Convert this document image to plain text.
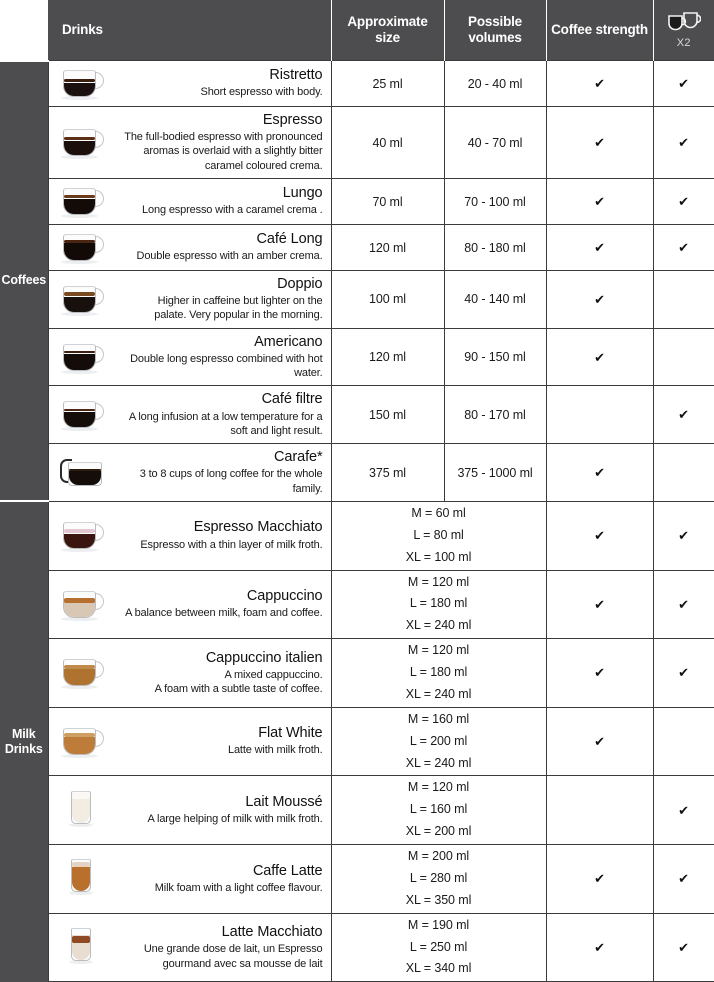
	Drinks		Approximate
size	Possible
volumes	Coffee strength	X2

Coffees		Ristretto
Short espresso with body.	25 ml	20 - 40 ml	✔	✔

		Espresso
The full-bodied espresso with pronounced aromas is overlaid with a slightly bitter caramel coloured crema.	40 ml	40 - 70 ml	✔	✔

		Lungo
Long espresso with a caramel crema .	70 ml	70 - 100 ml	✔	✔

		Café Long
Double espresso with an amber crema.	120 ml	80 - 180 ml	✔	✔

		Doppio
Higher in caffeine but lighter on the palate. Very popular in the morning.	100 ml	40 - 140 ml	✔	

		Americano
Double long espresso combined with hot water.	120 ml	90 - 150 ml	✔	

		Café filtre
A long infusion at a low temperature for a soft and light result.	150 ml	80 - 170 ml		✔

		Carafe*
3 to 8 cups of long coffee for the whole family.	375 ml	375 - 1000 ml	✔	
Milk
Drinks		Espresso Macchiato
Espresso with a thin layer of milk froth.	M = 60 ml
L = 80 ml
XL = 100 ml		✔	✔

		Cappuccino
A balance between milk, foam and coffee.	M = 120 ml
L = 180 ml
XL = 240 ml		✔	✔

		Cappuccino italien
A mixed cappuccino.
A foam with a subtle taste of coffee.	M = 120 ml
L = 180 ml
XL = 240 ml		✔	✔

		Flat White
Latte with milk froth.	M = 160 ml
L = 200 ml
XL = 240 ml		✔	

		Lait Moussé
A large helping of milk with milk froth.	M = 120 ml
L = 160 ml
XL = 200 ml			✔

		Caffe Latte
Milk foam with a light coffee flavour.	M = 200 ml
L = 280 ml
XL = 350 ml		✔	✔

		Latte Macchiato
Une grande dose de lait, un Espresso
gourmand avec sa mousse de lait	M = 190 ml
L = 250 ml
XL = 340 ml		✔	✔
